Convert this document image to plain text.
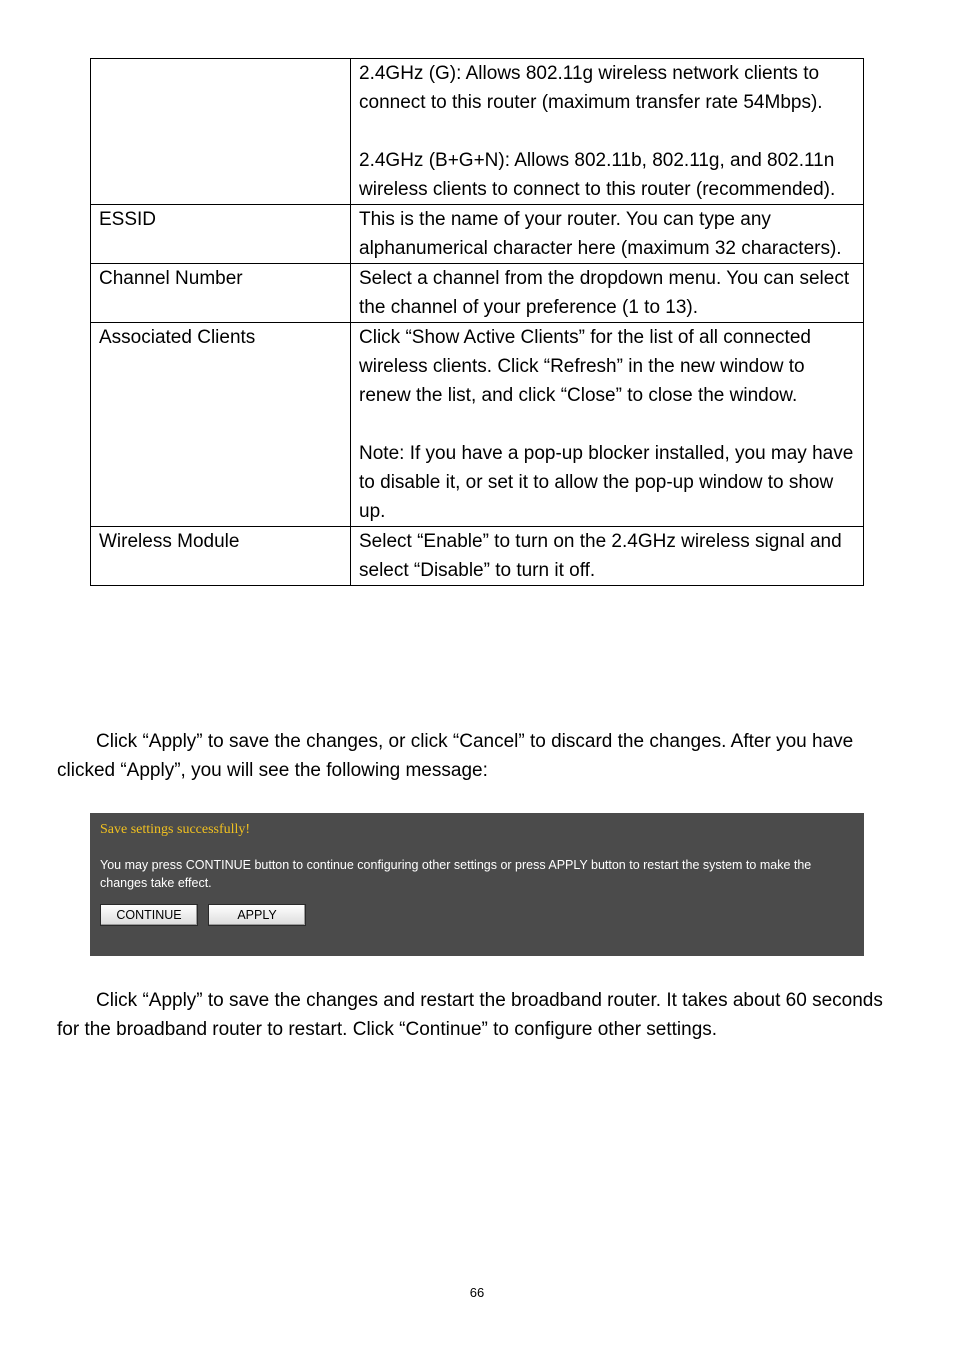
	2.4GHz (G): Allows 802.11g wireless network clients to connect to this router (maximum transfer rate 54Mbps).

2.4GHz (B+G+N): Allows 802.11b, 802.11g, and 802.11n wireless clients to connect to this router (recommended).

ESSID	This is the name of your router. You can type any alphanumerical character here (maximum 32 characters).

Channel Number	Select a channel from the dropdown menu. You can select the channel of your preference (1 to 13).

Associated Clients	Click “Show Active Clients” for the list of all connected wireless clients. Click “Refresh” in the new window to renew the list, and click “Close” to close the window.

Note: If you have a pop-up blocker installed, you may have to disable it, or set it to allow the pop-up window to show up.

Wireless Module	Select “Enable” to turn on the 2.4GHz wireless signal and select “Disable” to turn it off.

Click “Apply” to save the changes, or click “Cancel” to discard the changes. After you have clicked “Apply”, you will see the following message:

Save settings successfully!

You may press CONTINUE button to continue configuring other settings or press APPLY button to restart the system to make the changes take effect.

CONTINUE	APPLY

Click “Apply” to save the changes and restart the broadband router. It takes about 60 seconds for the broadband router to restart. Click “Continue” to configure other settings.

66
